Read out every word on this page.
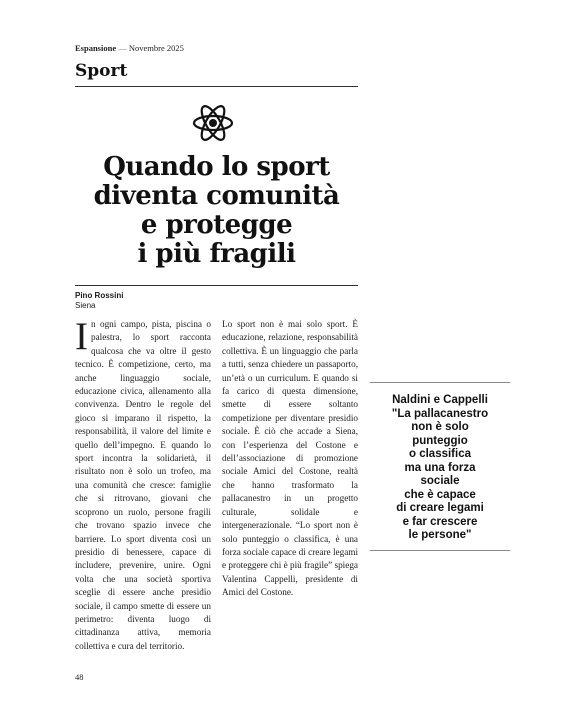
Espansione — Novembre 2025
Sport
Quando lo sport
diventa comunità
e protegge
i più fragili
Pino Rossini
Siena
In ogni campo, pista, piscina o palestra, lo sport racconta qualcosa che va oltre il gesto tecnico. È competizione, certo, ma anche linguaggio sociale, educazione civica, allenamento alla convivenza. Dentro le regole del gioco si imparano il rispetto, la responsabilità, il valore del limite e quello dell’impegno. E quando lo sport incontra la solidarietà, il risultato non è solo un trofeo, ma una comunità che cresce: famiglie che si ritrovano, giovani che scoprono un ruolo, persone fragili che trovano spazio invece che barriere. Lo sport diventa così un presidio di benessere, capace di includere, prevenire, unire. Ogni volta che una società sportiva sceglie di essere anche presidio sociale, il campo smette di essere un perimetro: diventa luogo di cittadinanza attiva, memoria collettiva e cura del territorio.
Lo sport non è mai solo sport. È educazione, relazione, responsabilità collettiva. È un linguaggio che parla a tutti, senza chiedere un passaporto, un’età o un curriculum. E quando si fa carico di questa dimensione, smette di essere soltanto competizione per diventare presidio sociale. È ciò che accade a Siena, con l’esperienza del Costone e dell’associazione di promozione sociale Amici del Costone, realtà che hanno trasformato la pallacanestro in un progetto culturale, solidale e intergenerazionale. “Lo sport non è solo punteggio o classifica, è una forza sociale capace di creare legami e proteggere chi è più fragile” spiega Valentina Cappelli, presidente di Amici del Costone.
Naldini e Cappelli
"La pallacanestro
non è solo
punteggio
o classifica
ma una forza
sociale
che è capace
di creare legami
e far crescere
le persone"
48
